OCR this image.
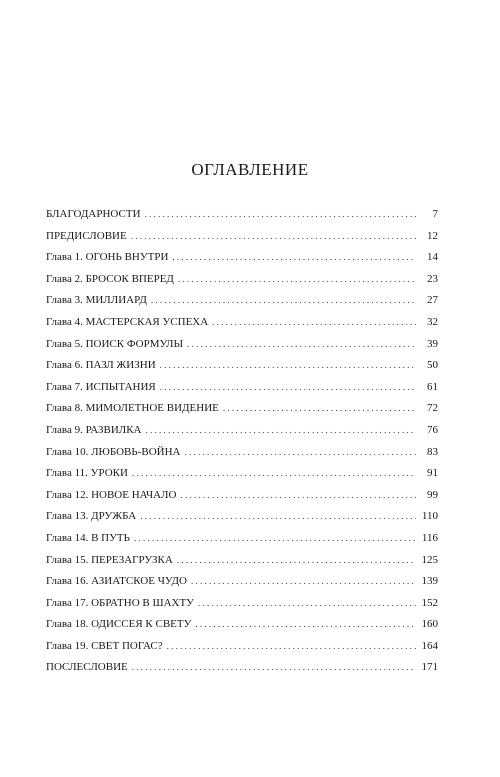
ОГЛАВЛЕНИЕ
БЛАГОДАРНОСТИ . . .	7
ПРЕДИСЛОВИЕ . . .	12
Глава 1. ОГОНЬ ВНУТРИ . . .	14
Глава 2. БРОСОК ВПЕРЕД . . .	23
Глава 3. МИЛЛИАРД . . .	27
Глава 4. МАСТЕРСКАЯ УСПЕХА . . .	32
Глава 5. ПОИСК ФОРМУЛЫ . . .	39
Глава 6. ПАЗЛ ЖИЗНИ . . .	50
Глава 7. ИСПЫТАНИЯ . . .	61
Глава 8. МИМОЛЕТНОЕ ВИДЕНИЕ . . .	72
Глава 9. РАЗВИЛКА . . .	76
Глава 10. ЛЮБОВЬ-ВОЙНА . . .	83
Глава 11. УРОКИ . . .	91
Глава 12. НОВОЕ НАЧАЛО . . .	99
Глава 13. ДРУЖБА . . .	110
Глава 14. В ПУТЬ . . .	116
Глава 15. ПЕРЕЗАГРУЗКА . . .	125
Глава 16. АЗИАТСКОЕ ЧУДО . . .	139
Глава 17. ОБРАТНО В ШАХТУ . . .	152
Глава 18. ОДИССЕЯ К СВЕТУ . . .	160
Глава 19. СВЕТ ПОГАС? . . .	164
ПОСЛЕСЛОВИЕ . . .	171
